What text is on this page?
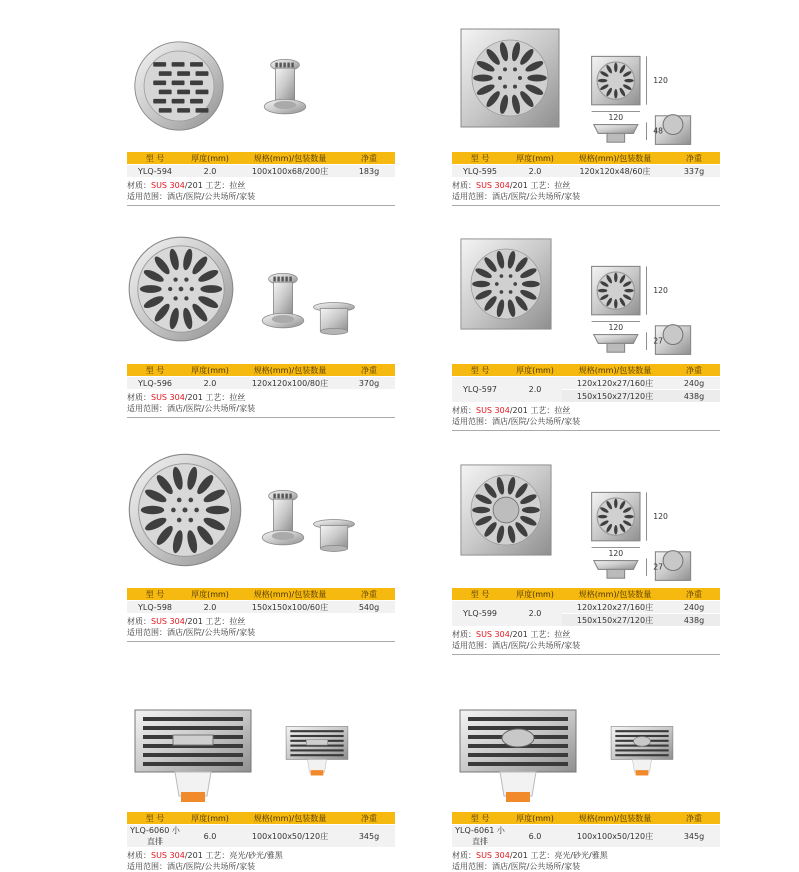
型 号	厚度(mm)	规格(mm)/包装数量	净重
YLQ-594	2.0	100x100x68/200庄	183g
材质：SUS 304/201 工艺：拉丝
适用范围：酒店/医院/公共场所/家装
120
120
48
型 号	厚度(mm)	规格(mm)/包装数量	净重
YLQ-595	2.0	120x120x48/60庄	337g
材质：SUS 304/201 工艺：拉丝
适用范围：酒店/医院/公共场所/家装
型 号	厚度(mm)	规格(mm)/包装数量	净重
YLQ-596	2.0	120x120x100/80庄	370g
材质：SUS 304/201 工艺：拉丝
适用范围：酒店/医院/公共场所/家装
120
120
27
型 号	厚度(mm)	规格(mm)/包装数量	净重
YLQ-597	2.0	120x120x27/160庄	240g
		150x150x27/120庄	438g
材质：SUS 304/201 工艺：拉丝
适用范围：酒店/医院/公共场所/家装
型 号	厚度(mm)	规格(mm)/包装数量	净重
YLQ-598	2.0	150x150x100/60庄	540g
材质：SUS 304/201 工艺：拉丝
适用范围：酒店/医院/公共场所/家装
120
120
27
型 号	厚度(mm)	规格(mm)/包装数量	净重
YLQ-599	2.0	120x120x27/160庄	240g
		150x150x27/120庄	438g
材质：SUS 304/201 工艺：拉丝
适用范围：酒店/医院/公共场所/家装
型 号	厚度(mm)	规格(mm)/包装数量	净重
YLQ-6060 小直排	6.0	100x100x50/120庄	345g
材质：SUS 304/201 工艺：亮光/砂光/雅黑
适用范围：酒店/医院/公共场所/家装
型 号	厚度(mm)	规格(mm)/包装数量	净重
YLQ-6061 小直排	6.0	100x100x50/120庄	345g
材质：SUS 304/201 工艺：亮光/砂光/雅黑
适用范围：酒店/医院/公共场所/家装
